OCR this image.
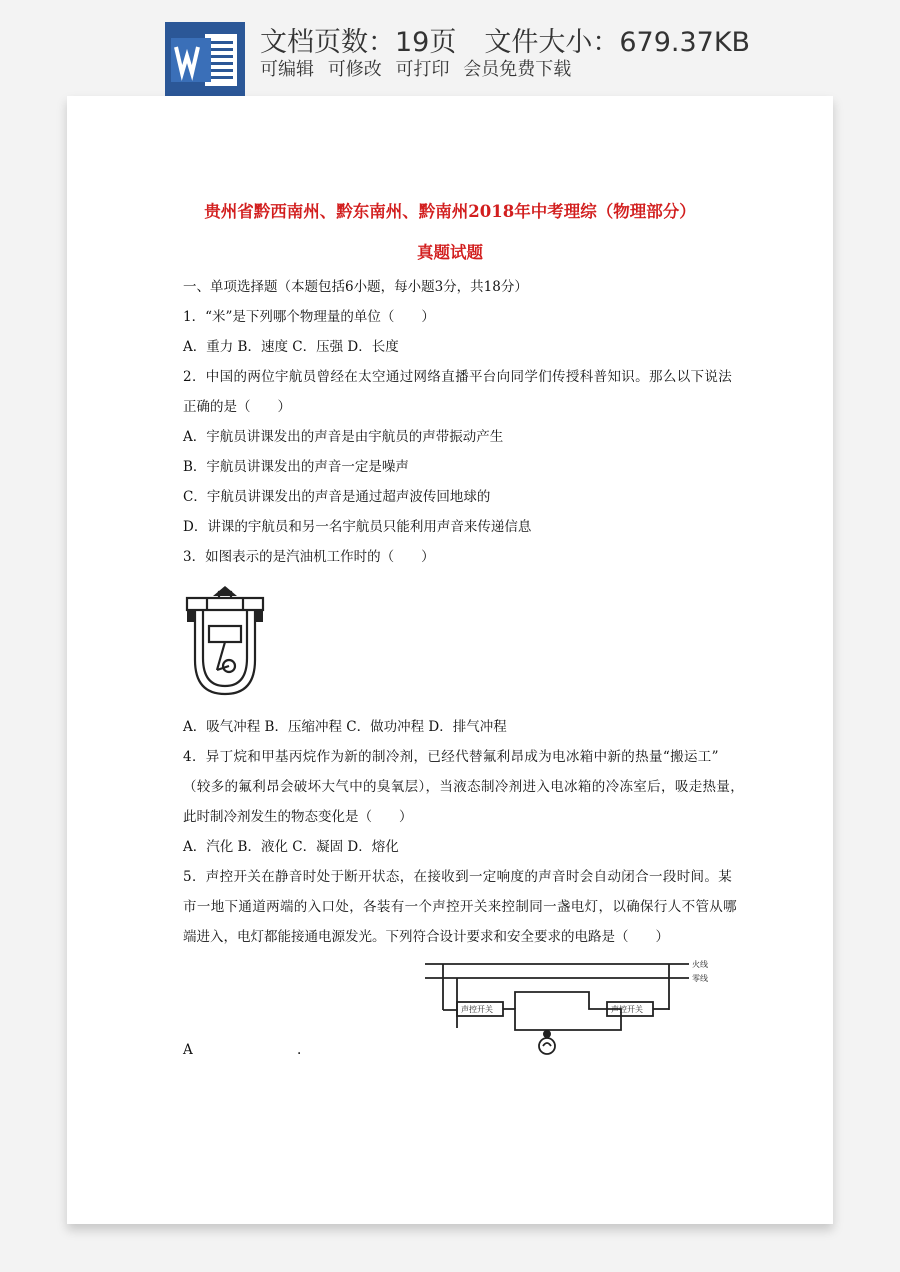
文档页数：19页 文件大小：679.37KB
可编辑 可修改 可打印 会员免费下载
贵州省黔西南州、黔东南州、黔南州2018年中考理综（物理部分）
真题试题
一、单项选择题（本题包括6小题，每小题3分，共18分）
1．“米”是下列哪个物理量的单位（　　）
A．重力 B．速度 C．压强 D．长度
2．中国的两位宇航员曾经在太空通过网络直播平台向同学们传授科普知识。那么以下说法
正确的是（　　）
A．宇航员讲课发出的声音是由宇航员的声带振动产生
B．宇航员讲课发出的声音一定是噪声
C．宇航员讲课发出的声音是通过超声波传回地球的
D．讲课的宇航员和另一名宇航员只能利用声音来传递信息
3．如图表示的是汽油机工作时的（　　）
A．吸气冲程 B．压缩冲程 C．做功冲程 D．排气冲程
4．异丁烷和甲基丙烷作为新的制冷剂，已经代替氟利昂成为电冰箱中新的热量“搬运工”
（较多的氟利昂会破坏大气中的臭氧层），当液态制冷剂进入电冰箱的冷冻室后，吸走热量，
此时制冷剂发生的物态变化是（　　）
A．汽化 B．液化 C．凝固 D．熔化
5．声控开关在静音时处于断开状态，在接收到一定响度的声音时会自动闭合一段时间。某
市一地下通道两端的入口处，各装有一个声控开关来控制同一盏电灯，以确保行人不管从哪
端进入，电灯都能接通电源发光。下列符合设计要求和安全要求的电路是（　　）
火线
零线
声控开关	声控开关
A	.
